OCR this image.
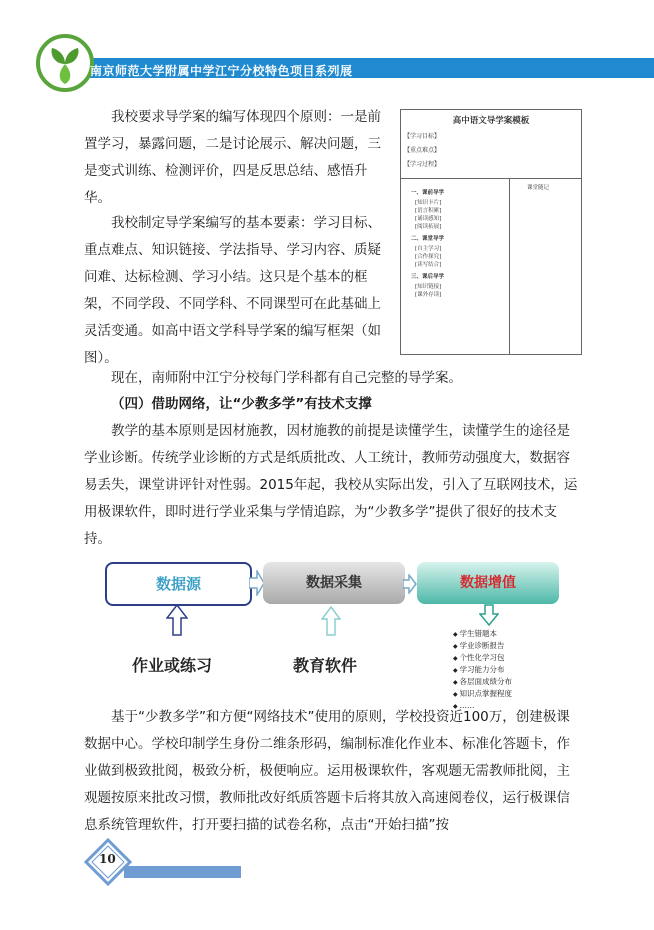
南京师范大学附属中学江宁分校特色项目系列展
我校要求导学案的编写体现四个原则：一是前置学习，暴露问题，二是讨论展示、解决问题，三是变式训练、检测评价，四是反思总结、感悟升华。
我校制定导学案编写的基本要素：学习目标、重点难点、知识链接、学法指导、学习内容、质疑问难、达标检测、学习小结。这只是个基本的框架，不同学段、不同学科、不同课型可在此基础上灵活变通。如高中语文学科导学案的编写框架（如图）。
高中语文导学案模板
【学习目标】
【重点难点】
【学习过程】
一、课前导学
[知识卡片]
[语言积累]
[诵读感知]
[阅读拓展]
二、课堂导学
[自主学习]
[合作探究]
[读写结合]
三、课后导学
[知识链接]
[课外存读]
课堂随记
现在，南师附中江宁分校每门学科都有自己完整的导学案。
（四）借助网络，让“少教多学”有技术支撑
教学的基本原则是因材施教，因材施教的前提是读懂学生，读懂学生的途径是学业诊断。传统学业诊断的方式是纸质批改、人工统计，教师劳动强度大，数据容易丢失，课堂讲评针对性弱。2015年起，我校从实际出发，引入了互联网技术，运用极课软件，即时进行学业采集与学情追踪，为“少教多学”提供了很好的技术支持。
数据源	数据采集	数据增值
作业或练习	教育软件
◆ 学生错题本
◆ 学业诊断报告
◆ 个性化学习包
◆ 学习能力分布
◆ 各层面成绩分布
◆ 知识点掌握程度
◆ ……
基于“少教多学”和方便“网络技术”使用的原则，学校投资近100万，创建极课数据中心。学校印制学生身份二维条形码，编制标准化作业本、标准化答题卡，作业做到极致批阅，极致分析，极便响应。运用极课软件，客观题无需教师批阅，主观题按原来批改习惯，教师批改好纸质答题卡后将其放入高速阅卷仪，运行极课信息系统管理软件，打开要扫描的试卷名称，点击“开始扫描”按
10
